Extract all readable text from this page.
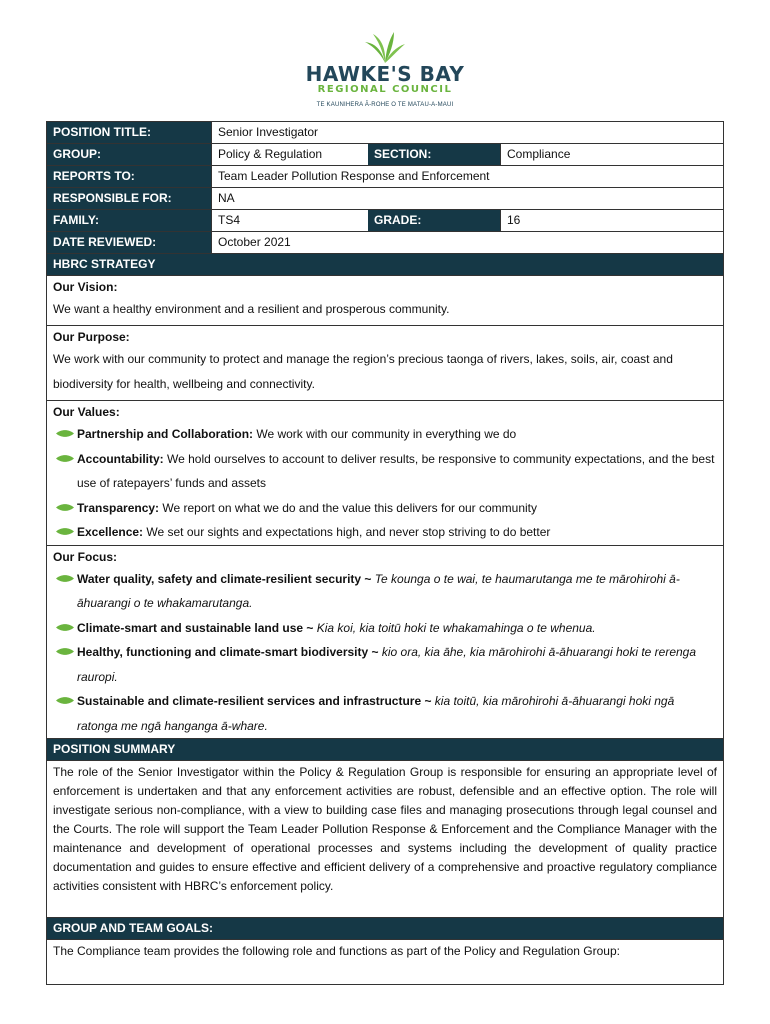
HAWKE'S BAY
REGIONAL COUNCIL
TE KAUNIHERA Ā-ROHE O TE MATAU-A-MAUI
POSITION TITLE:	Senior Investigator
GROUP:	Policy & Regulation	SECTION:	Compliance
REPORTS TO:	Team Leader Pollution Response and Enforcement
RESPONSIBLE FOR:	NA
FAMILY:	TS4	GRADE:	16
DATE REVIEWED:	October 2021
HBRC STRATEGY
Our Vision:

We want a healthy environment and a resilient and prosperous community.

Our Purpose:

We work with our community to protect and manage the region’s precious taonga of rivers, lakes, soils, air, coast and biodiversity for health, wellbeing and connectivity.

Our Values:
Partnership and Collaboration: We work with our community in everything we do
Accountability: We hold ourselves to account to deliver results, be responsive to community expectations, and the best use of ratepayers’ funds and assets
Transparency: We report on what we do and the value this delivers for our community
Excellence: We set our sights and expectations high, and never stop striving to do better
Our Focus:
Water quality, safety and climate-resilient security ~ Te kounga o te wai, te haumarutanga me te mārohirohi ā-āhuarangi o te whakamarutanga.
Climate-smart and sustainable land use ~ Kia koi, kia toitū hoki te whakamahinga o te whenua.
Healthy, functioning and climate-smart biodiversity ~ kio ora, kia āhe, kia mārohirohi ā-āhuarangi hoki te rerenga rauropi.
Sustainable and climate-resilient services and infrastructure ~ kia toitū, kia mārohirohi ā-āhuarangi hoki ngā ratonga me ngā hanganga ā-whare.
POSITION SUMMARY
The role of the Senior Investigator within the Policy & Regulation Group is responsible for ensuring an appropriate level of enforcement is undertaken and that any enforcement activities are robust, defensible and an effective option. The role will investigate serious non-compliance, with a view to building case files and managing prosecutions through legal counsel and the Courts. The role will support the Team Leader Pollution Response & Enforcement and the Compliance Manager with the maintenance and development of operational processes and systems including the development of quality practice documentation and guides to ensure effective and efficient delivery of a comprehensive and proactive regulatory compliance activities consistent with HBRC’s enforcement policy.
GROUP AND TEAM GOALS:
The Compliance team provides the following role and functions as part of the Policy and Regulation Group:
